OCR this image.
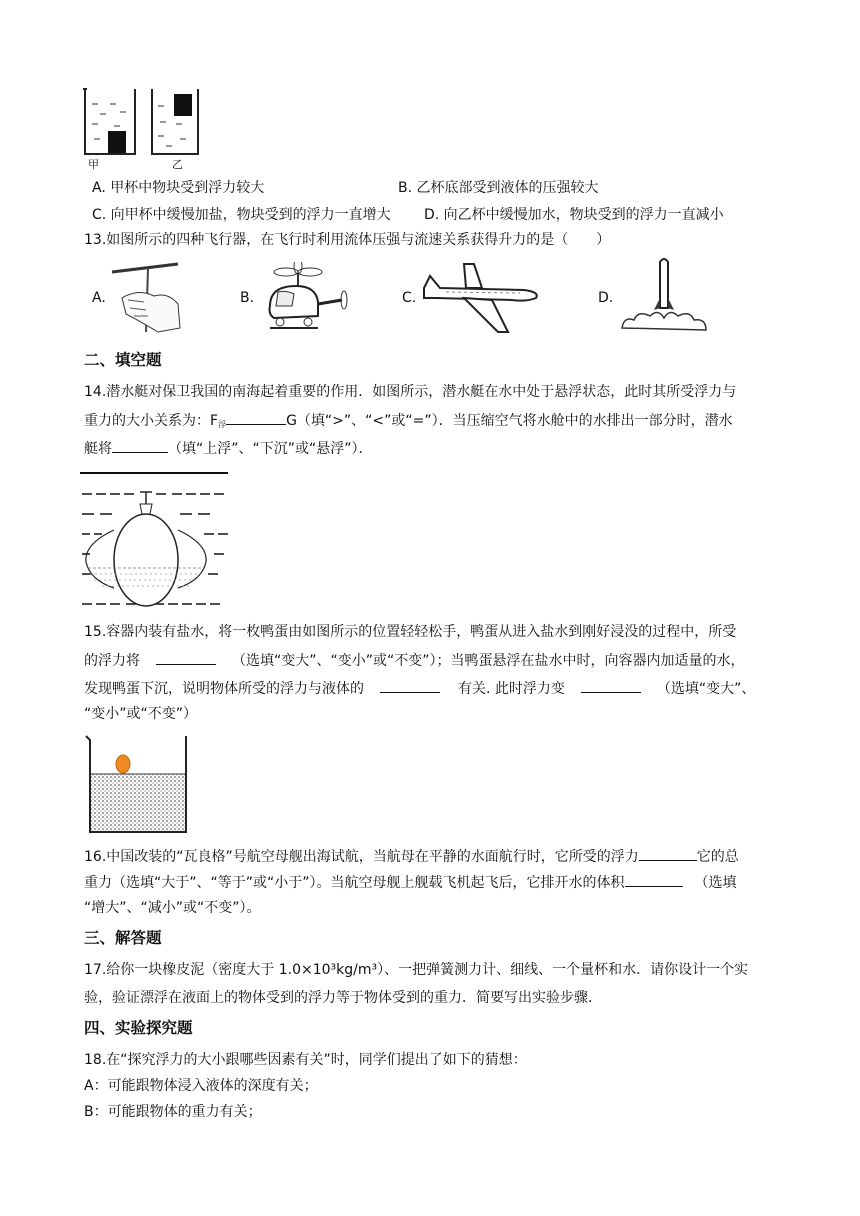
甲	乙
A. 甲杯中物块受到浮力较大	B. 乙杯底部受到液体的压强较大
C. 向甲杯中缓慢加盐，物块受到的浮力一直增大 D. 向乙杯中缓慢加水，物块受到的浮力一直减小
13.如图所示的四种飞行器，在飞行时利用流体压强与流速关系获得升力的是（　　）
A.	B.	C.	D.
二、填空题
14.潜水艇对保卫我国的南海起着重要的作用．如图所示，潜水艇在水中处于悬浮状态，此时其所受浮力与
重力的大小关系为：$F_浮$	G（填“>”、“<”或“=”）．当压缩空气将水舱中的水排出一部分时，潜水
艇将	（填“上浮”、“下沉”或“悬浮”）．
15.容器内装有盐水，将一枚鸭蛋由如图所示的位置轻轻松手，鸭蛋从进入盐水到刚好浸没的过程中，所受
的浮力将	（选填“变大”、“变小”或“不变”）；当鸭蛋悬浮在盐水中时，向容器内加适量的水，
发现鸭蛋下沉，说明物体所受的浮力与液体的	有关. 此时浮力变	（选填“变大”、
“变小”或“不变”）
16.中国改装的“瓦良格”号航空母舰出海试航，当航母在平静的水面航行时，它所受的浮力	它的总
重力（选填“大于”、“等于”或“小于”）。当航空母舰上舰载飞机起飞后，它排开水的体积	（选填
“增大”、“减小”或“不变”）。
三、解答题
17.给你一块橡皮泥（密度大于 1.0×10³kg/m³）、一把弹簧测力计、细线、一个量杯和水．请你设计一个实
验，验证漂浮在液面上的物体受到的浮力等于物体受到的重力．简要写出实验步骤．
四、实验探究题
18.在“探究浮力的大小跟哪些因素有关”时，同学们提出了如下的猜想：
A：可能跟物体浸入液体的深度有关；
B：可能跟物体的重力有关；
